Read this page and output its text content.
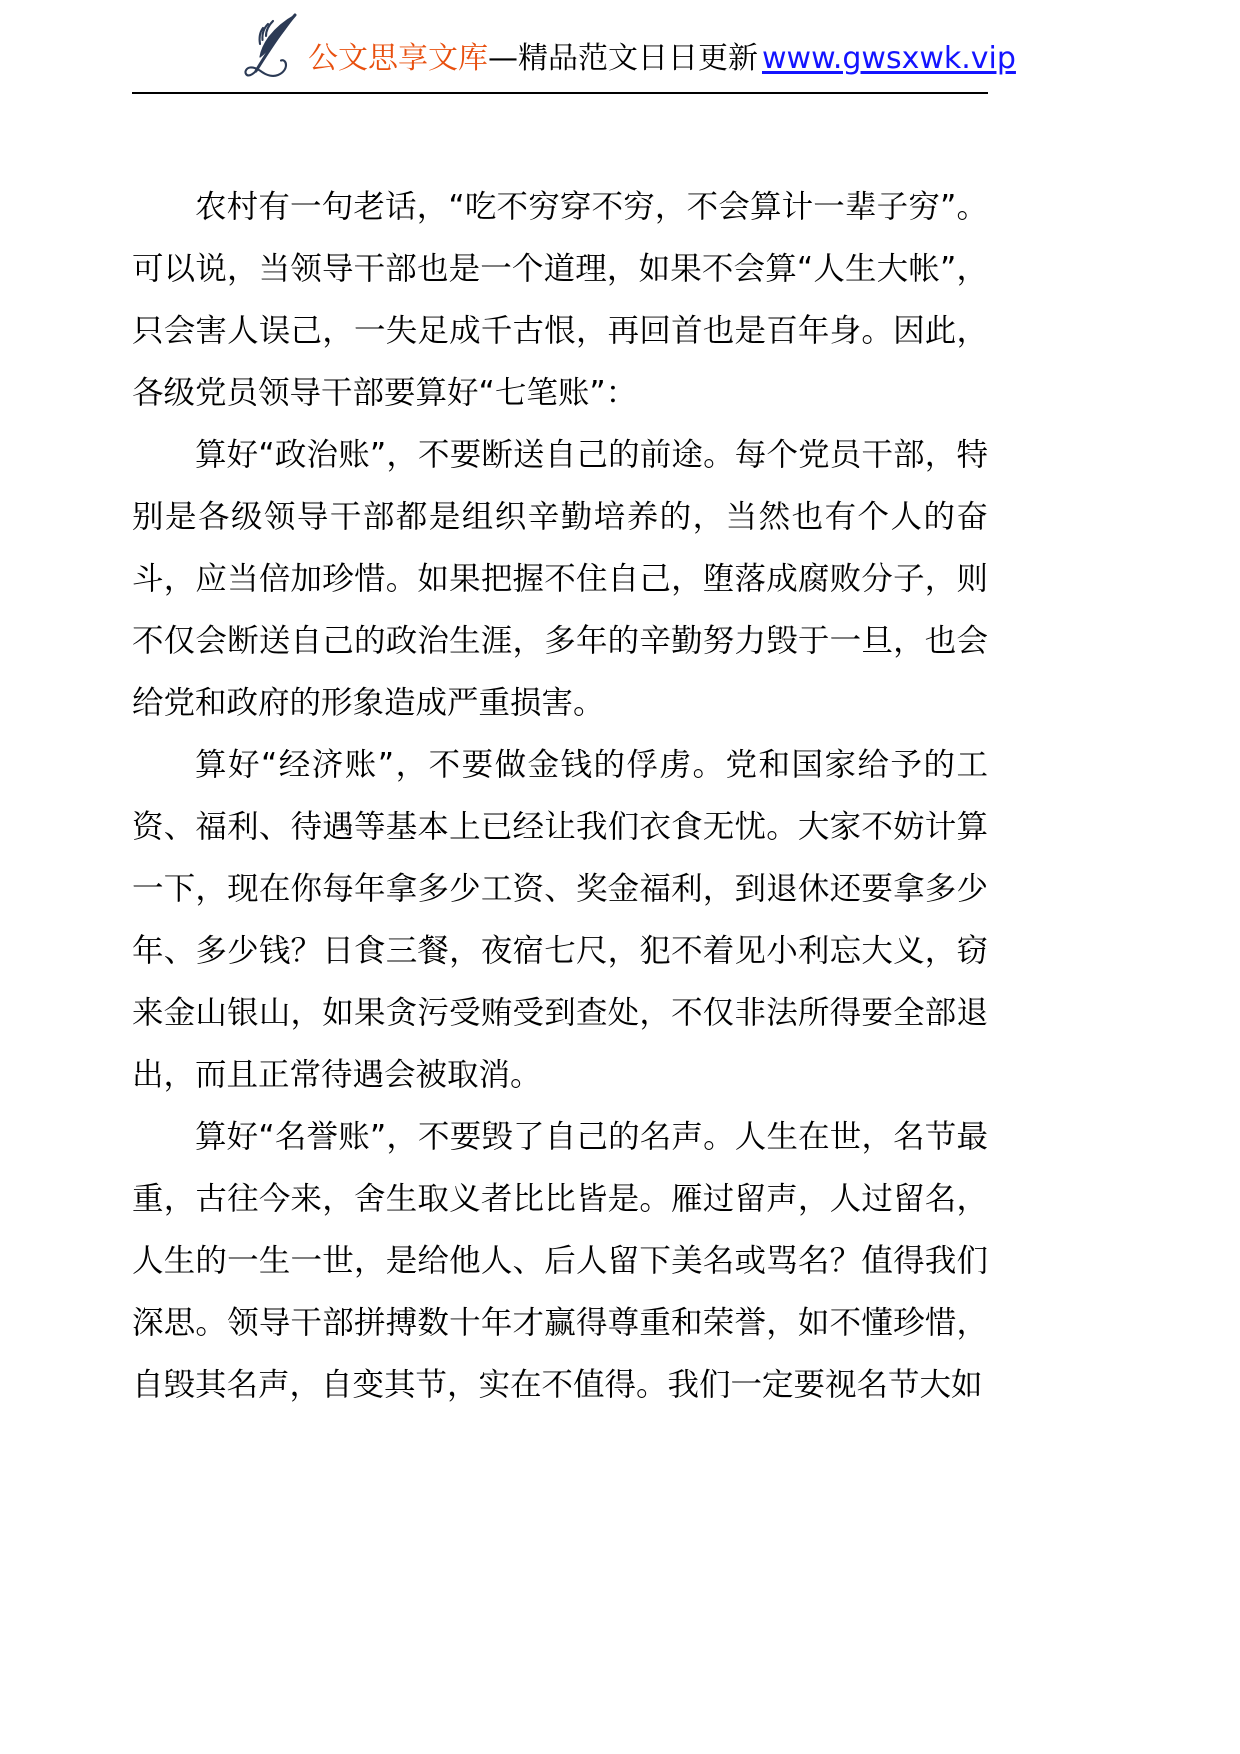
公文思享文库—精品范文日日更新 www.gwsxwk.vip

农村有一句老话，“吃不穷穿不穷，不会算计一辈子穷”。可以说，当领导干部也是一个道理，如果不会算“人生大帐”，只会害人误己，一失足成千古恨，再回首也是百年身。因此，各级党员领导干部要算好“七笔账”：

算好“政治账”，不要断送自己的前途。每个党员干部，特别是各级领导干部都是组织辛勤培养的，当然也有个人的奋斗，应当倍加珍惜。如果把握不住自己，堕落成腐败分子，则不仅会断送自己的政治生涯，多年的辛勤努力毁于一旦，也会给党和政府的形象造成严重损害。

算好“经济账”，不要做金钱的俘虏。党和国家给予的工资、福利、待遇等基本上已经让我们衣食无忧。大家不妨计算一下，现在你每年拿多少工资、奖金福利，到退休还要拿多少年、多少钱？日食三餐，夜宿七尺，犯不着见小利忘大义，窃来金山银山，如果贪污受贿受到查处，不仅非法所得要全部退出，而且正常待遇会被取消。

算好“名誉账”，不要毁了自己的名声。人生在世，名节最重，古往今来，舍生取义者比比皆是。雁过留声，人过留名，人生的一生一世，是给他人、后人留下美名或骂名？值得我们深思。领导干部拼搏数十年才赢得尊重和荣誉，如不懂珍惜，自毁其名声，自变其节，实在不值得。我们一定要视名节大如
